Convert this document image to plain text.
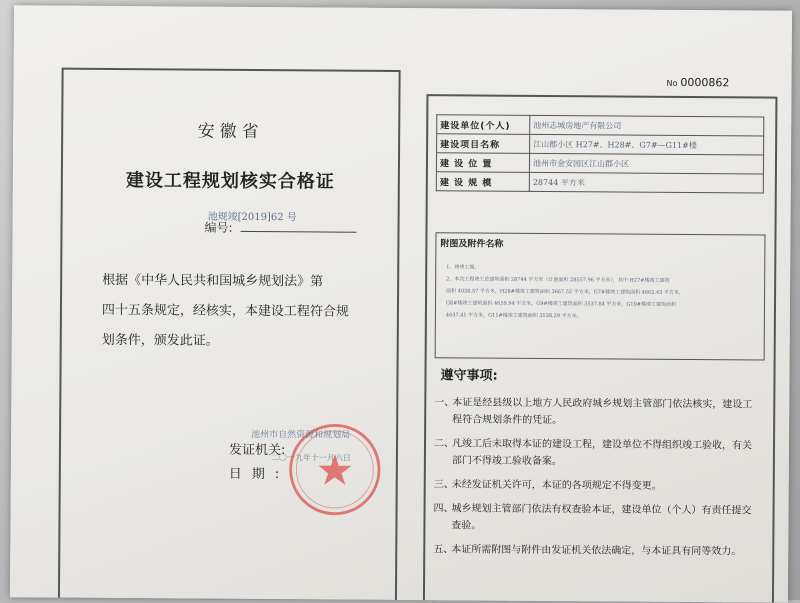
No 0000862
安徽省
建设工程规划核实合格证
池规竣[2019]62 号
编号:

根据《中华人民共和国城乡规划法》第

四十五条规定，经核实，本建设工程符合规

划条件，颁发此证。

发证机关:
池州市自然资源和规划局
日期:
二〇一九年十一月六日
建设单位(个人)	池州志城房地产有限公司
建设项目名称	江山郡小区 H27#、H28#、G7#—G11#楼
建 设 位 置	池州市金安园区江山郡小区
建 设 规 模	28744 平方米
附图及附件名称

1、竣竣工图。

2、本次工程竣工总建筑面积 28744 平方米（计容面积 28557.96 平方米），其中 H27#楼竣工建筑

面积 4030.57 平方米，H28#楼竣工建筑面积 3667.52 平方米，G7#楼竣工建筑面积 4662.43 平方米，

G8#楼竣工建筑面积 4659.94 平方米，G9#楼竣工建筑面积 3537.84 平方米，G10#楼竣工建筑面积

4647.41 平方米，G11#楼竣工建筑面积 3538.29 平方米。

遵守事项:
一、
本证是经县级以上地方人民政府城乡规划主管部门依法核实，建设工程符合规划条件的凭证。
二、
凡竣工后未取得本证的建设工程，建设单位不得组织竣工验收，有关部门不得竣工验收备案。
三、
未经发证机关许可，本证的各项规定不得变更。
四、
城乡规划主管部门依法有权查验本证，建设单位（个人）有责任提交查验。
五、
本证所需附图与附件由发证机关依法确定，与本证具有同等效力。
